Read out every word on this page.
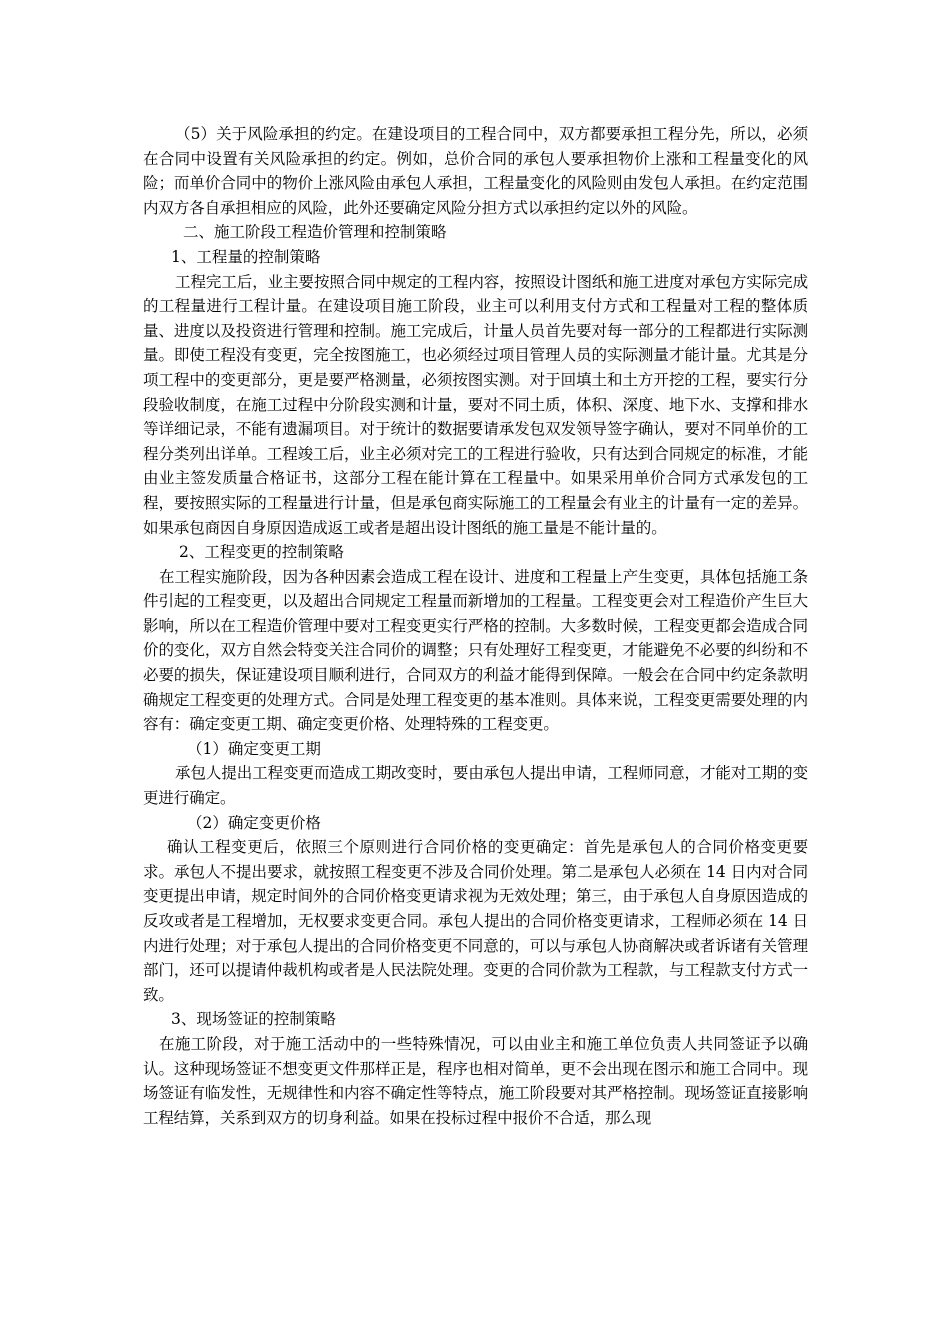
（5）关于风险承担的约定。在建设项目的工程合同中，双方都要承担工程分先，所以，必须在合同中设置有关风险承担的约定。例如，总价合同的承包人要承担物价上涨和工程量变化的风险；而单价合同中的物价上涨风险由承包人承担，工程量变化的风险则由发包人承担。在约定范围内双方各自承担相应的风险，此外还要确定风险分担方式以承担约定以外的风险。

二、施工阶段工程造价管理和控制策略

1、工程量的控制策略

工程完工后，业主要按照合同中规定的工程内容，按照设计图纸和施工进度对承包方实际完成的工程量进行工程计量。在建设项目施工阶段，业主可以利用支付方式和工程量对工程的整体质量、进度以及投资进行管理和控制。施工完成后，计量人员首先要对每一部分的工程都进行实际测量。即使工程没有变更，完全按图施工，也必须经过项目管理人员的实际测量才能计量。尤其是分项工程中的变更部分，更是要严格测量，必须按图实测。对于回填土和土方开挖的工程，要实行分段验收制度，在施工过程中分阶段实测和计量，要对不同土质，体积、深度、地下水、支撑和排水等详细记录，不能有遗漏项目。对于统计的数据要请承发包双发领导签字确认，要对不同单价的工程分类列出详单。工程竣工后，业主必须对完工的工程进行验收，只有达到合同规定的标准，才能由业主签发质量合格证书，这部分工程在能计算在工程量中。如果采用单价合同方式承发包的工程，要按照实际的工程量进行计量，但是承包商实际施工的工程量会有业主的计量有一定的差异。如果承包商因自身原因造成返工或者是超出设计图纸的施工量是不能计量的。

2、工程变更的控制策略

在工程实施阶段，因为各种因素会造成工程在设计、进度和工程量上产生变更，具体包括施工条件引起的工程变更，以及超出合同规定工程量而新增加的工程量。工程变更会对工程造价产生巨大影响，所以在工程造价管理中要对工程变更实行严格的控制。大多数时候，工程变更都会造成合同价的变化，双方自然会特变关注合同价的调整；只有处理好工程变更，才能避免不必要的纠纷和不必要的损失，保证建设项目顺利进行，合同双方的利益才能得到保障。一般会在合同中约定条款明确规定工程变更的处理方式。合同是处理工程变更的基本准则。具体来说，工程变更需要处理的内容有：确定变更工期、确定变更价格、处理特殊的工程变更。

（1）确定变更工期

承包人提出工程变更而造成工期改变时，要由承包人提出申请，工程师同意，才能对工期的变更进行确定。

（2）确定变更价格

确认工程变更后，依照三个原则进行合同价格的变更确定：首先是承包人的合同价格变更要求。承包人不提出要求，就按照工程变更不涉及合同价处理。第二是承包人必须在 14 日内对合同变更提出申请，规定时间外的合同价格变更请求视为无效处理；第三，由于承包人自身原因造成的反攻或者是工程增加，无权要求变更合同。承包人提出的合同价格变更请求，工程师必须在 14 日内进行处理；对于承包人提出的合同价格变更不同意的，可以与承包人协商解决或者诉诸有关管理部门，还可以提请仲裁机构或者是人民法院处理。变更的合同价款为工程款，与工程款支付方式一致。

3、现场签证的控制策略

在施工阶段，对于施工活动中的一些特殊情况，可以由业主和施工单位负责人共同签证予以确认。这种现场签证不想变更文件那样正是，程序也相对简单，更不会出现在图示和施工合同中。现场签证有临发性，无规律性和内容不确定性等特点，施工阶段要对其严格控制。现场签证直接影响工程结算，关系到双方的切身利益。如果在投标过程中报价不合适，那么现
